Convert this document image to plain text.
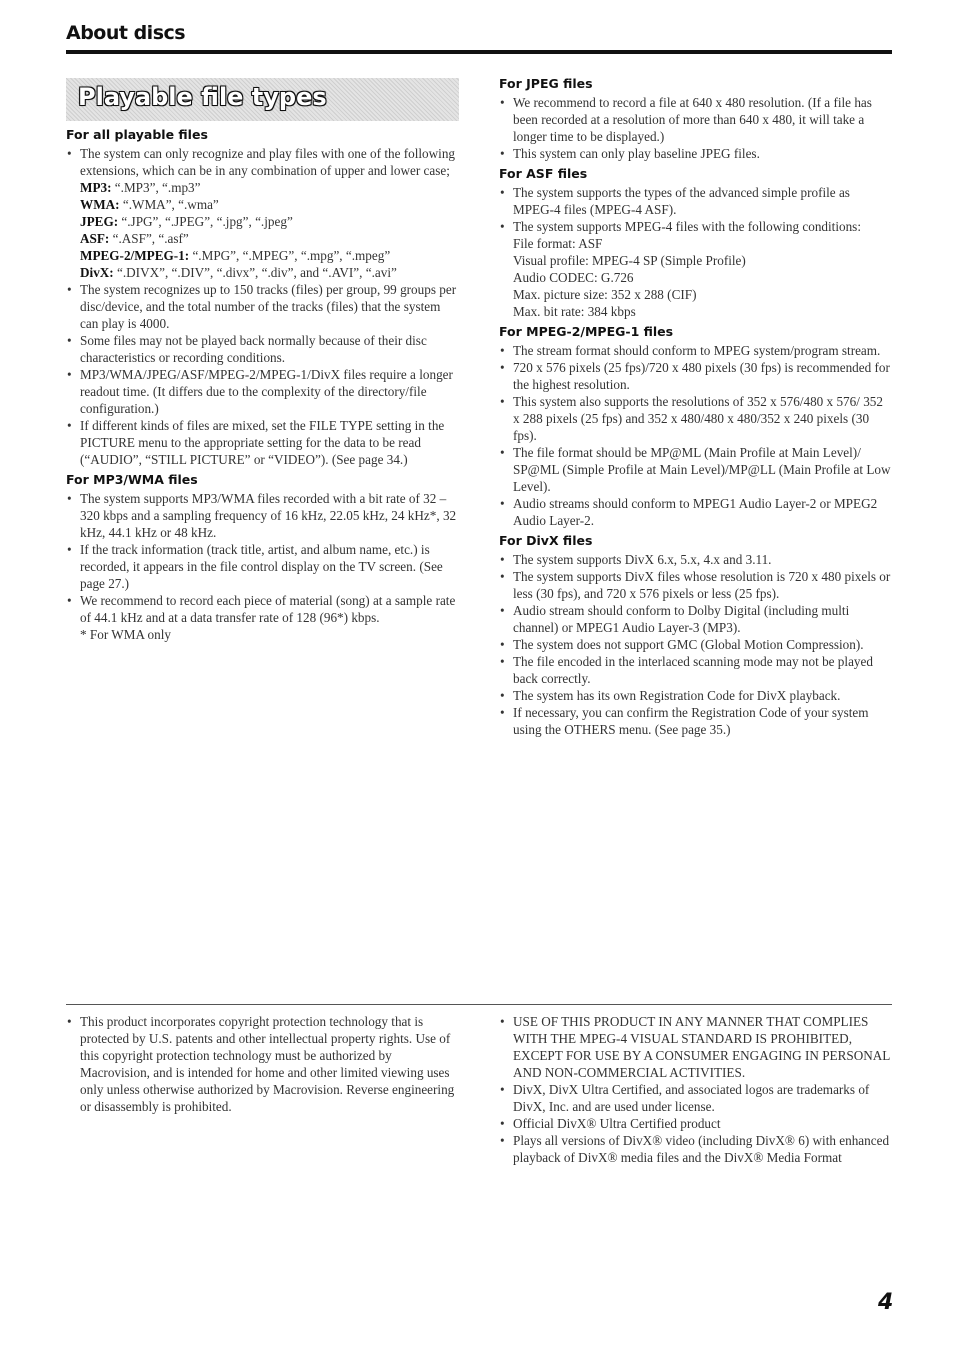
About discs
Playable file types
For all playable files
• The system can only recognize and play files with one of the following extensions, which can be in any combination of upper and lower case;
MP3: “.MP3”, “.mp3”
WMA: “.WMA”, “.wma”
JPEG: “.JPG”, “.JPEG”, “.jpg”, “.jpeg”
ASF: “.ASF”, “.asf”
MPEG-2/MPEG-1: “.MPG”, “.MPEG”, “.mpg”, “.mpeg”
DivX: “.DIVX”, “.DIV”, “.divx”, “.div”, and “.AVI”, “.avi”
• The system recognizes up to 150 tracks (files) per group, 99 groups per disc/device, and the total number of the tracks (files) that the system can play is 4000.
• Some files may not be played back normally because of their disc characteristics or recording conditions.
• MP3/WMA/JPEG/ASF/MPEG-2/MPEG-1/DivX files require a longer readout time. (It differs due to the complexity of the directory/file configuration.)
• If different kinds of files are mixed, set the FILE TYPE setting in the PICTURE menu to the appropriate setting for the data to be read (“AUDIO”, “STILL PICTURE” or “VIDEO”). (See page 34.)
For MP3/WMA files
• The system supports MP3/WMA files recorded with a bit rate of 32 – 320 kbps and a sampling frequency of 16 kHz, 22.05 kHz, 24 kHz*, 32 kHz, 44.1 kHz or 48 kHz.
• If the track information (track title, artist, and album name, etc.) is recorded, it appears in the file control display on the TV screen. (See page 27.)
• We recommend to record each piece of material (song) at a sample rate of 44.1 kHz and at a data transfer rate of 128 (96*) kbps.
* For WMA only
For JPEG files
• We recommend to record a file at 640 x 480 resolution. (If a file has been recorded at a resolution of more than 640 x 480, it will take a longer time to be displayed.)
• This system can only play baseline JPEG files.
For ASF files
• The system supports the types of the advanced simple profile as MPEG-4 files (MPEG-4 ASF).
• The system supports MPEG-4 files with the following conditions:
File format: ASF
Visual profile: MPEG-4 SP (Simple Profile)
Audio CODEC: G.726
Max. picture size: 352 x 288 (CIF)
Max. bit rate: 384 kbps
For MPEG-2/MPEG-1 files
• The stream format should conform to MPEG system/program stream.
• 720 x 576 pixels (25 fps)/720 x 480 pixels (30 fps) is recommended for the highest resolution.
• This system also supports the resolutions of 352 x 576/480 x 576/ 352 x 288 pixels (25 fps) and 352 x 480/480 x 480/352 x 240 pixels (30 fps).
• The file format should be MP@ML (Main Profile at Main Level)/ SP@ML (Simple Profile at Main Level)/MP@LL (Main Profile at Low Level).
• Audio streams should conform to MPEG1 Audio Layer-2 or MPEG2 Audio Layer-2.
For DivX files
• The system supports DivX 6.x, 5.x, 4.x and 3.11.
• The system supports DivX files whose resolution is 720 x 480 pixels or less (30 fps), and 720 x 576 pixels or less (25 fps).
• Audio stream should conform to Dolby Digital (including multi channel) or MPEG1 Audio Layer-3 (MP3).
• The system does not support GMC (Global Motion Compression).
• The file encoded in the interlaced scanning mode may not be played back correctly.
• The system has its own Registration Code for DivX playback.
• If necessary, you can confirm the Registration Code of your system using the OTHERS menu. (See page 35.)
• This product incorporates copyright protection technology that is protected by U.S. patents and other intellectual property rights. Use of this copyright protection technology must be authorized by Macrovision, and is intended for home and other limited viewing uses only unless otherwise authorized by Macrovision. Reverse engineering or disassembly is prohibited.
• USE OF THIS PRODUCT IN ANY MANNER THAT COMPLIES WITH THE MPEG-4 VISUAL STANDARD IS PROHIBITED, EXCEPT FOR USE BY A CONSUMER ENGAGING IN PERSONAL AND NON-COMMERCIAL ACTIVITIES.
• DivX, DivX Ultra Certified, and associated logos are trademarks of DivX, Inc. and are used under license.
• Official DivX® Ultra Certified product
• Plays all versions of DivX® video (including DivX® 6) with enhanced playback of DivX® media files and the DivX® Media Format
4
